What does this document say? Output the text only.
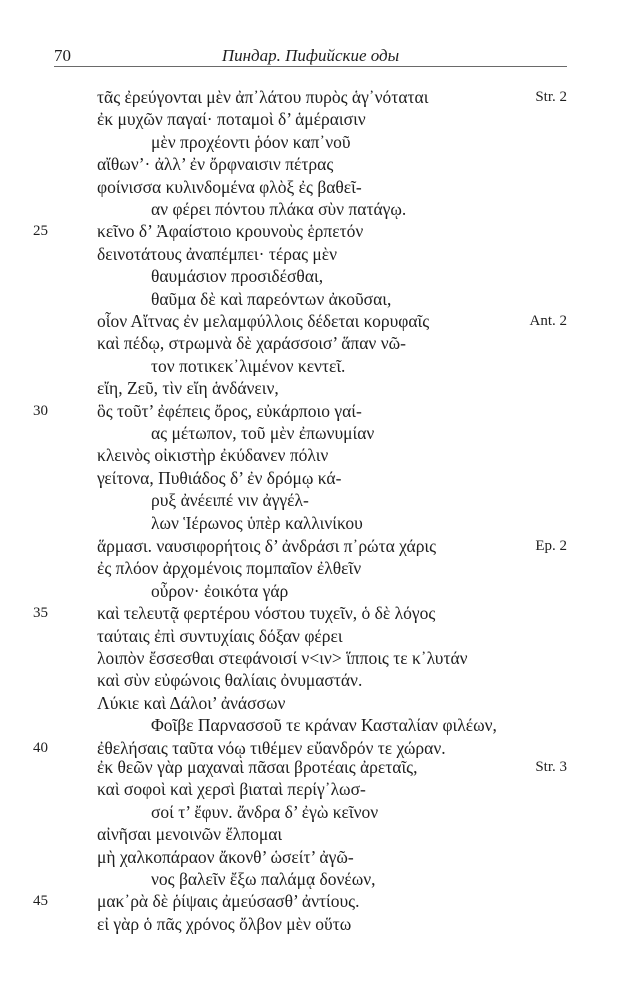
70	Пиндар. Пифийские оды
Str. 2
τᾶς ἐρεύγονται μὲν ἀπ᾽λάτου πυρὸς ἁγ᾽νόταται
ἐκ μυχῶν παγαί· ποταμοὶ δ’ ἁμέραισιν
μὲν προχέοντι ῥόον καπ᾽νοῦ
αἴθων’· ἀλλ’ ἐν ὄρφναισιν πέτρας
φοίνισσα κυλινδομένα φλὸξ ἐς βαθεῖ-
αν φέρει πόντου πλάκα σὺν πατάγῳ.
25	κεῖνο δ’ Ἀφαίστοιο κρουνοὺς ἑρπετόν
δεινοτάτους ἀναπέμπει· τέρας μὲν
θαυμάσιον προσιδέσθαι,
θαῦμα δὲ καὶ παρεόντων ἀκοῦσαι,
Ant. 2
οἷον Αἴτνας ἐν μελαμφύλλοις δέδεται κορυφαῖς
καὶ πέδῳ, στρωμνὰ δὲ χαράσσοισ’ ἅπαν νῶ-
τον ποτικεκ᾽λιμένον κεντεῖ.
εἴη, Ζεῦ, τὶν εἴη ἁνδάνειν,
30	ὃς τοῦτ’ ἐφέπεις ὄρος, εὐκάρποιο γαί-
ας μέτωπον, τοῦ μὲν ἐπωνυμίαν
κλεινὸς οἰκιστὴρ ἐκύδανεν πόλιν
γείτονα, Πυθιάδος δ’ ἐν δρόμῳ κά-
ρυξ ἀνέειπέ νιν ἀγγέλ-
λων Ἱέρωνος ὑπὲρ καλλινίκου
Ep. 2
ἅρμασι. ναυσιφορήτοις δ’ ἀνδράσι π᾽ρώτα χάρις
ἐς πλόον ἀρχομένοις πομπαῖον ἐλθεῖν
οὖρον· ἐοικότα γάρ
35	καὶ τελευτᾷ φερτέρου νόστου τυχεῖν, ὁ δὲ λόγος
ταύταις ἐπὶ συντυχίαις δόξαν φέρει
λοιπὸν ἔσσεσθαι στεφάνοισί ν<ιν> ἵπποις τε κ᾽λυτάν
καὶ σὺν εὐφώνοις θαλίαις ὀνυμαστάν.
Λύκιε καὶ Δάλοι’ ἀνάσσων
Φοῖβε Παρνασσοῦ τε κράναν Κασταλίαν φιλέων,
40	ἐθελήσαις ταῦτα νόῳ τιθέμεν εὔανδρόν τε χώραν.
Str. 3
ἐκ θεῶν γὰρ μαχαναὶ πᾶσαι βροτέαις ἀρεταῖς,
καὶ σοφοὶ καὶ χερσὶ βιαταὶ περίγ᾽λωσ-
σοί τ’ ἔφυν. ἄνδρα δ’ ἐγὼ κεῖνον
αἰνῆσαι μενοινῶν ἔλπομαι
μὴ χαλκοπάραον ἄκονθ’ ὡσείτ’ ἀγῶ-
νος βαλεῖν ἔξω παλάμᾳ δονέων,
45	μακ᾽ρὰ δὲ ῥίψαις ἀμεύσασθ’ ἀντίους.
εἰ γὰρ ὁ πᾶς χρόνος ὄλβον μὲν οὕτω
